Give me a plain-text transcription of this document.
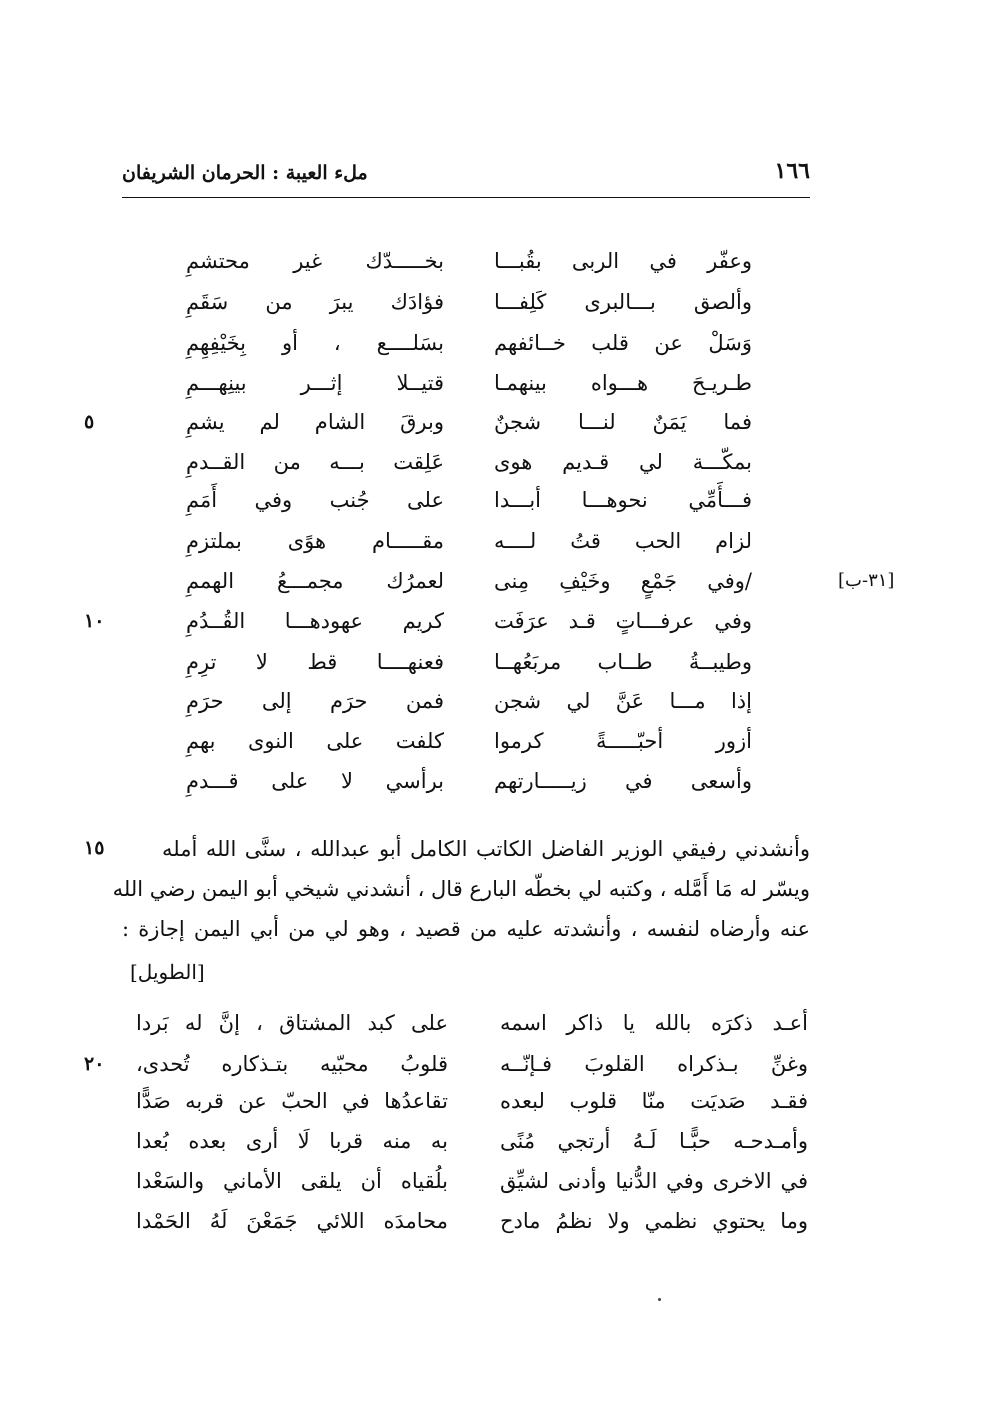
١٦٦
ملء العيبة : الحرمان الشريفان
وعفّر في الربى بقُبـــا
بخـــــدّك غير محتشمِ
وألصق بـــالبرى كَلِفـــا
فؤادَك يبرَ من سَقَمِ
وَسَلْ عن قلب خــائفهم
بسَلــــع ، أو بِخَيْفِهِمِ
طـريـحَ هـــواه بينهمـا
قتيــلا إثـــر بينِهـــمِ
فما يَمَنٌ لنـــا شجنٌ
وبرقَ الشام لم يشمِ
بمكّـــة لي قـديم هوى
عَلِقت بـــه من القــدمِ
فـــأَمِّي نحوهـــا أبـــدا
على جُنب وفي أَمَمِ
لزام الحب قتُ لــــه
مقـــــام هوًى بملتزمِ
/وفي جَمْعٍ وخَيْفِ مِنى
لعمرُك مجمـــعُ الهممِ
وفي عرفـــاتٍ قـد عرَفَت
كريم عهودهـــا القُــدُمِ
وطيبــةُ طــاب مربَعُهــا
فعنهــــا قط لا ترِمِ
إذا مـــا عَنَّ لي شجن
فمن حرَم إلى حرَمِ
أزور أحبّـــــةً كرموا
كلفت على النوى بهمِ
وأسعى في زيـــــارتهم
برأسي لا على قـــدمِ
[٣١-ب]
٥
١٠
١٥
٢٠
وأنشدني رفيقي الوزير الفاضل الكاتب الكامل أبو عبدالله ، سنَّى الله أمله
ويسّر له مَا أَمَّله ، وكتبه لي بخطّه البارع قال ، أنشدني شيخي أبو اليمن رضي الله
عنه وأرضاه لنفسه ، وأنشدته عليه من قصيد ، وهو لي من أبي اليمن إجازة :
[الطويل]
أعـد ذكرَه بالله يا ذاكر اسمه
على كبد المشتاق ، إنَّ له بَردا
وغنِّ بـذكراه القلوبَ فـإنّــه
قلوبُ محبّيه بتـذكاره تُحدى،
فقـد صَديَت منّا قلوب لبعده
تقاعدُها في الحبّ عن قربه صَدًّا
وأمـدحـه حبًّـا لَـهُ أرتجي مُنًى
به منه قربا لَا أرى بعده بُعدا
في الاخرى وفي الدُّنيا وأدنى لشيِّق
بلُقياه أن يلقى الأماني والسَعْدا
وما يحتوي نظمي ولا نظمُ مادح
محامدَه اللائي جَمَعْنَ لَهُ الحَمْدا
